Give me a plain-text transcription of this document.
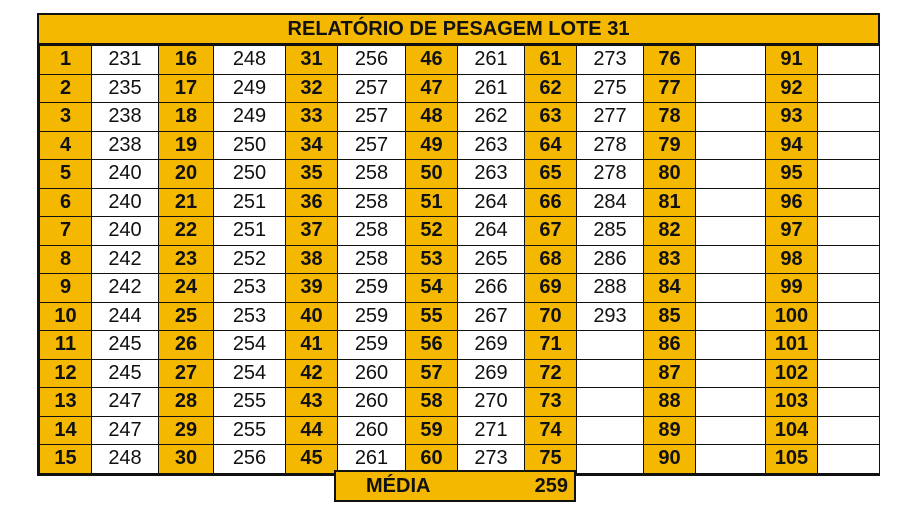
RELATÓRIO DE PESAGEM LOTE 31
1	231	16	248	31	256	46	261	61	273	76		91	
2	235	17	249	32	257	47	261	62	275	77		92	
3	238	18	249	33	257	48	262	63	277	78		93	
4	238	19	250	34	257	49	263	64	278	79		94	
5	240	20	250	35	258	50	263	65	278	80		95	
6	240	21	251	36	258	51	264	66	284	81		96	
7	240	22	251	37	258	52	264	67	285	82		97	
8	242	23	252	38	258	53	265	68	286	83		98	
9	242	24	253	39	259	54	266	69	288	84		99	
10	244	25	253	40	259	55	267	70	293	85		100	
11	245	26	254	41	259	56	269	71		86		101	
12	245	27	254	42	260	57	269	72		87		102	
13	247	28	255	43	260	58	270	73		88		103	
14	247	29	255	44	260	59	271	74		89		104	
15	248	30	256	45	261	60	273	75		90		105	
MÉDIA	259
